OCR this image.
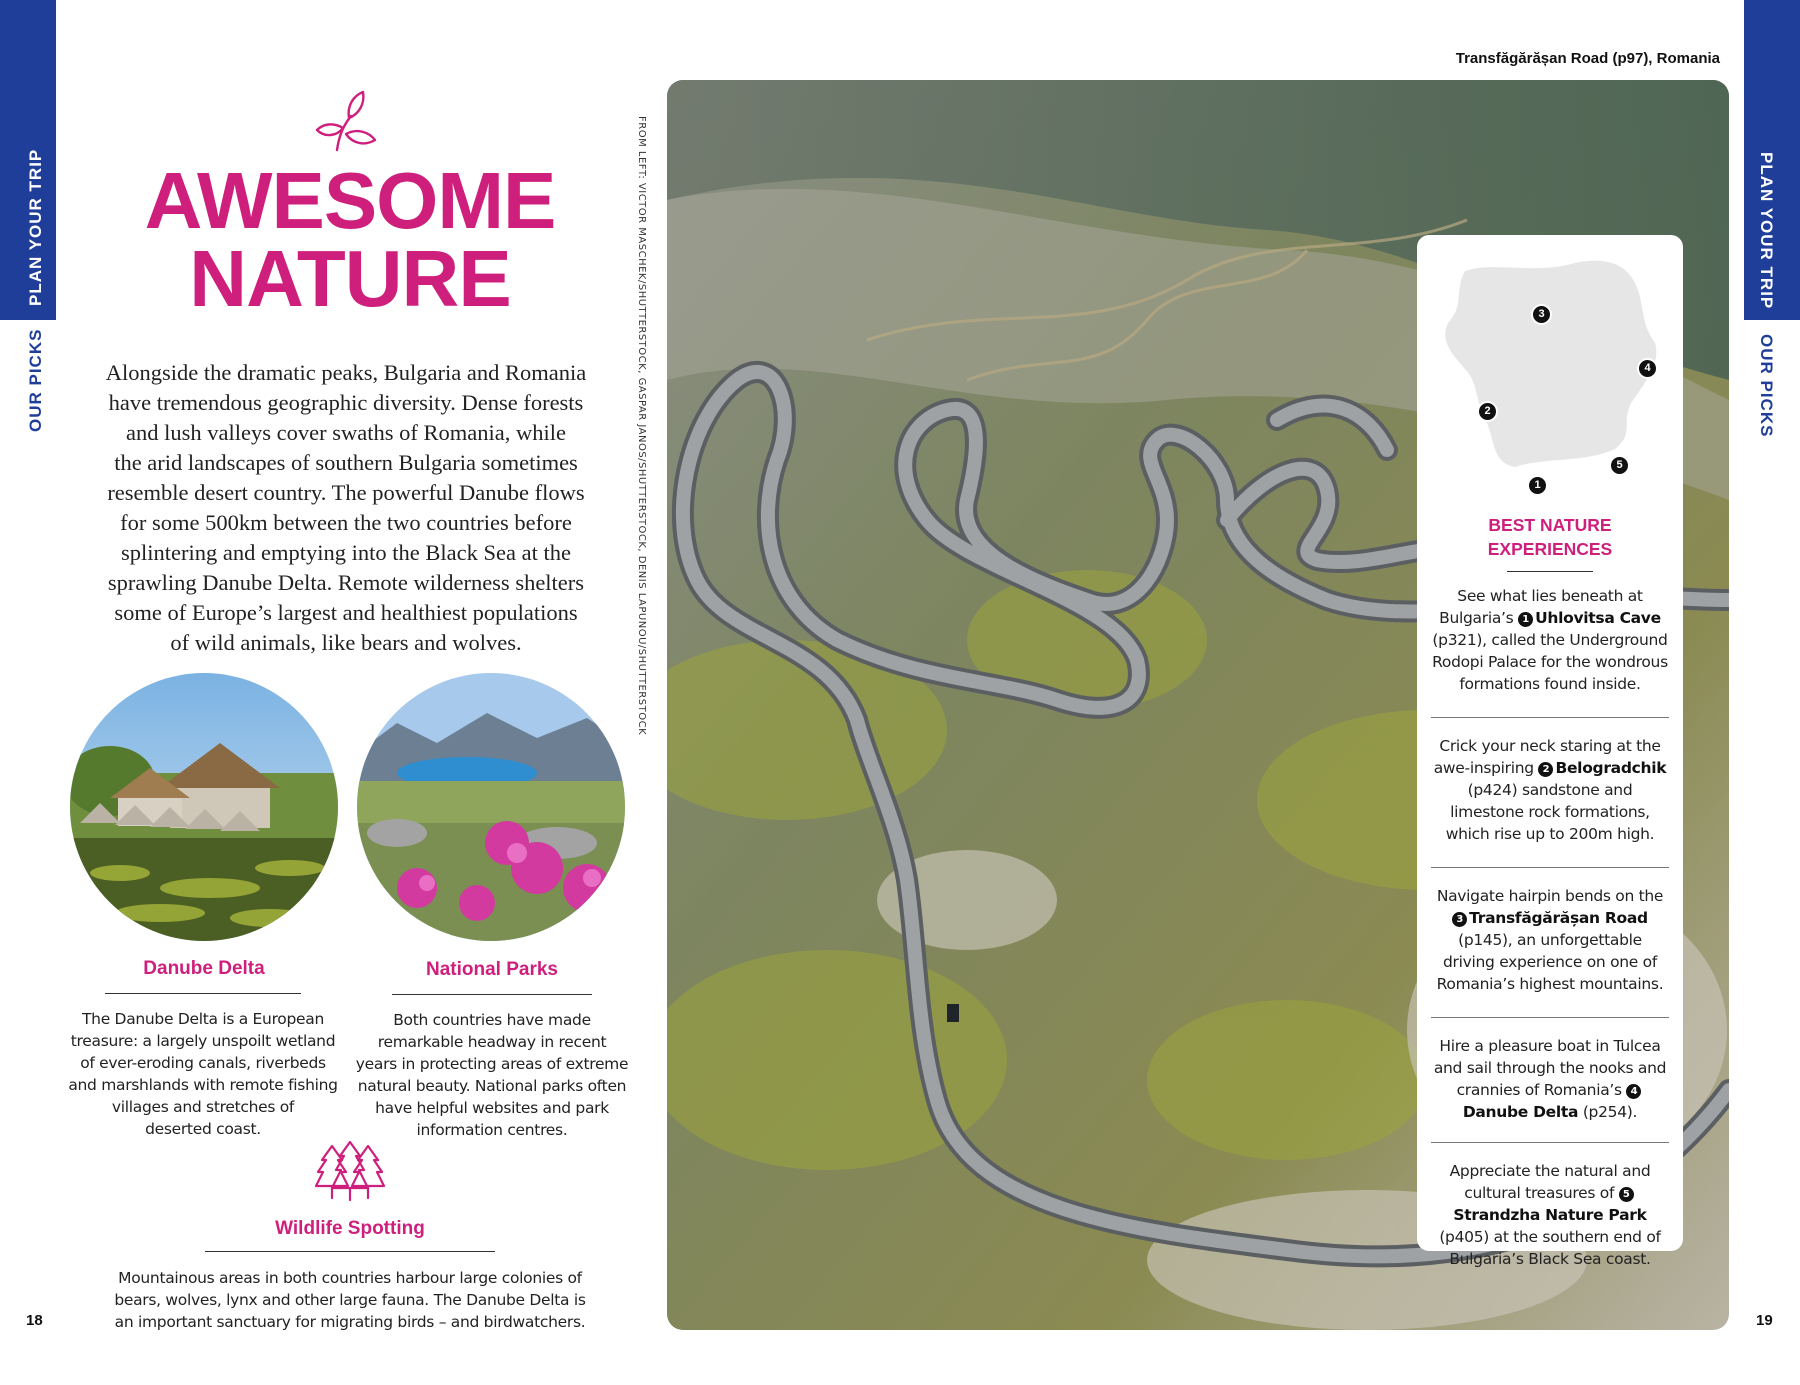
PLAN YOUR TRIP
OUR PICKS
AWESOME
NATURE
Alongside the dramatic peaks, Bulgaria and Romania
have tremendous geographic diversity. Dense forests
and lush valleys cover swaths of Romania, while
the arid landscapes of southern Bulgaria sometimes
resemble desert country. The powerful Danube flows
for some 500km between the two countries before
splintering and emptying into the Black Sea at the
sprawling Danube Delta. Remote wilderness shelters
some of Europe’s largest and healthiest populations
of wild animals, like bears and wolves.
Danube Delta
The Danube Delta is a European
treasure: a largely unspoilt wetland
of ever-eroding canals, riverbeds
and marshlands with remote fishing
villages and stretches of
deserted coast.
National Parks
Both countries have made
remarkable headway in recent
years in protecting areas of extreme
natural beauty. National parks often
have helpful websites and park
information centres.
Wildlife Spotting
Mountainous areas in both countries harbour large colonies of
bears, wolves, lynx and other large fauna. The Danube Delta is
an important sanctuary for migrating birds – and birdwatchers.
18
Transfăgărășan Road (p97), Romania
FROM LEFT: VICTOR MASCHEK/SHUTTERSTOCK, GASPAR JANOS/SHUTTERSTOCK, DENIS LAPUNOU/SHUTTERSTOCK	3
4
2
5
1
BEST NATURE
EXPERIENCES
See what lies beneath at Bulgaria’s 1 Uhlovitsa Cave (p321), called the Underground Rodopi Palace for the wondrous formations found inside.
Crick your neck staring at the awe-inspiring 2 Belogradchik (p424) sandstone and limestone rock formations, which rise up to 200m high.
Navigate hairpin bends on the 3 Transfăgărășan Road (p145), an unforgettable driving experience on one of Romania’s highest mountains.
Hire a pleasure boat in Tulcea and sail through the nooks and crannies of Romania’s 4Danube Delta (p254).
Appreciate the natural and cultural treasures of 5Strandzha Nature Park (p405) at the southern end of Bulgaria’s Black Sea coast.
PLAN YOUR TRIP
OUR PICKS
19
